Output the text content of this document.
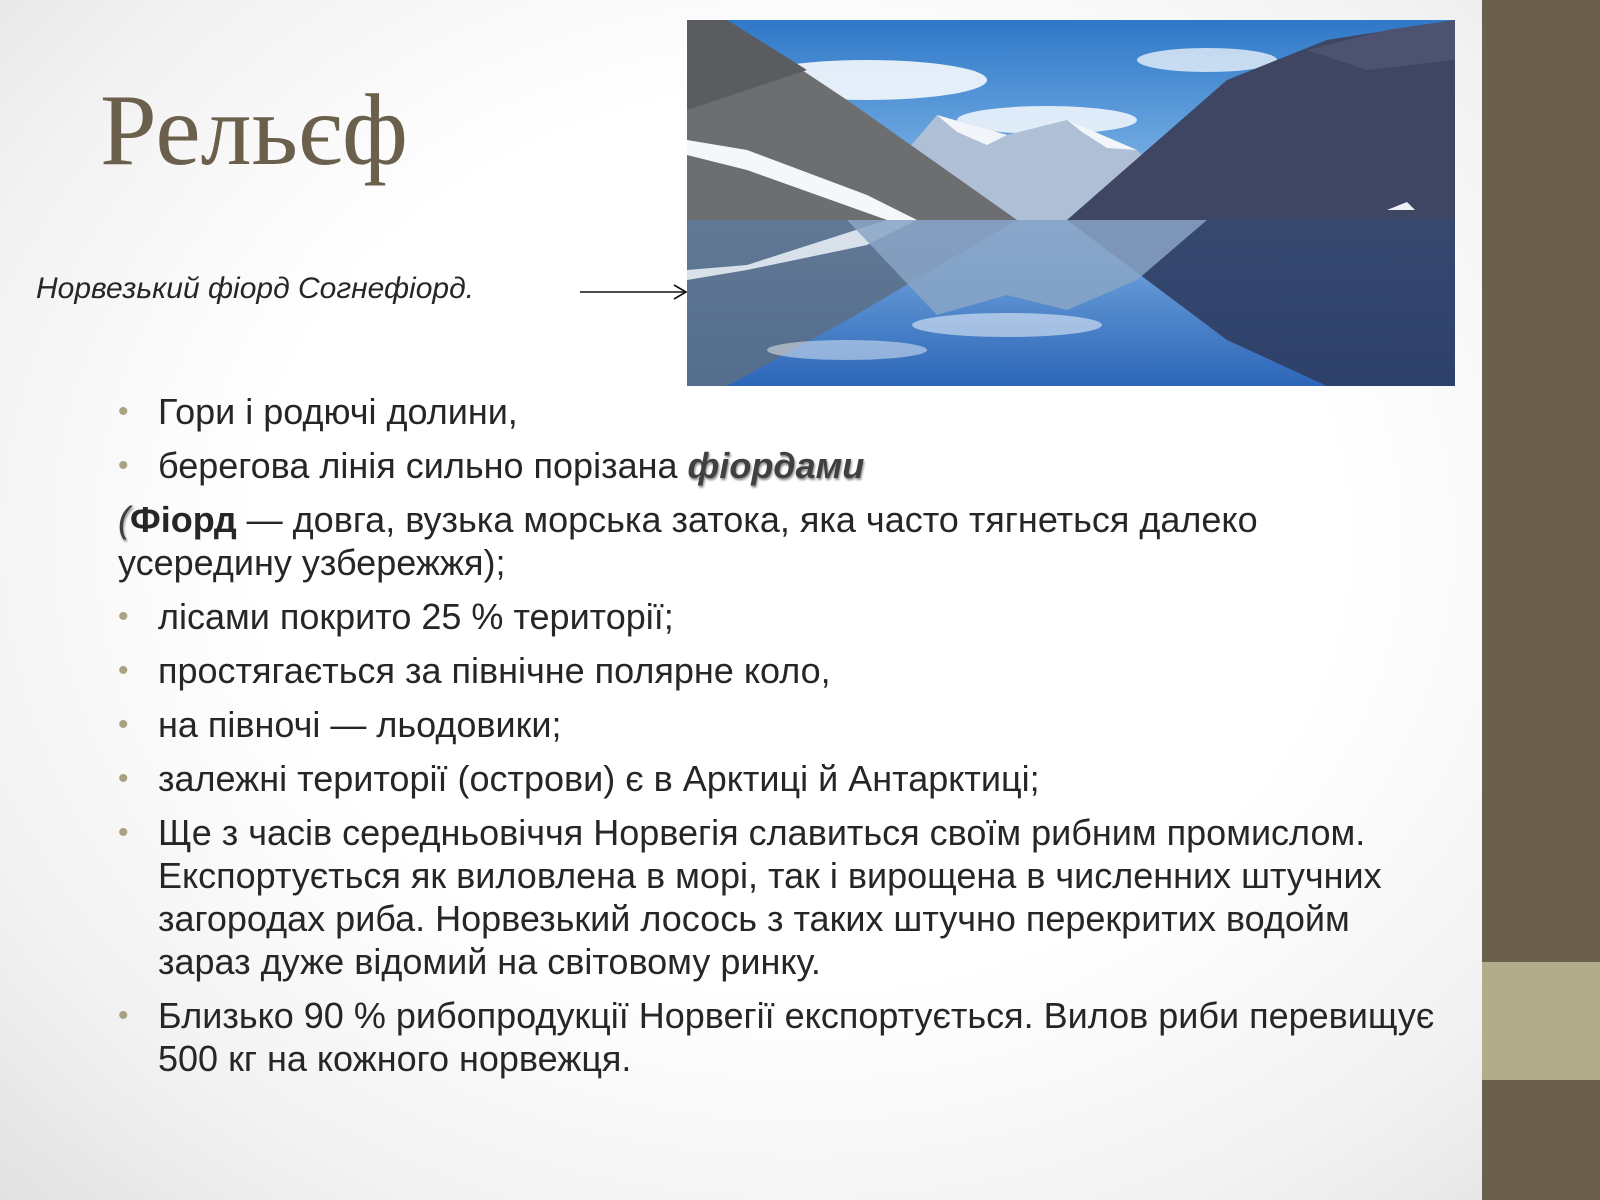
Рельєф
Норвезький фіорд Согнефіорд.
• Гори і родючі долини,
• берегова лінія сильно порізана фіордами
(Фіорд — довга, вузька морська затока, яка часто тягнеться далеко усередину узбережжя);
• лісами покрито 25 % території;
• простягається за північне полярне коло,
• на півночі — льодовики;
• залежні території (острови) є в Арктиці й Антарктиці;
• Ще з часів середньовіччя Норвегія славиться своїм рибним промислом. Експортується як виловлена в морі, так і вирощена в численних штучних загородах риба. Норвезький лосось з таких штучно перекритих водойм зараз дуже відомий на світовому ринку.
• Близько 90 % рибопродукції Норвегії експортується. Вилов риби перевищує 500 кг на кожного норвежця.
